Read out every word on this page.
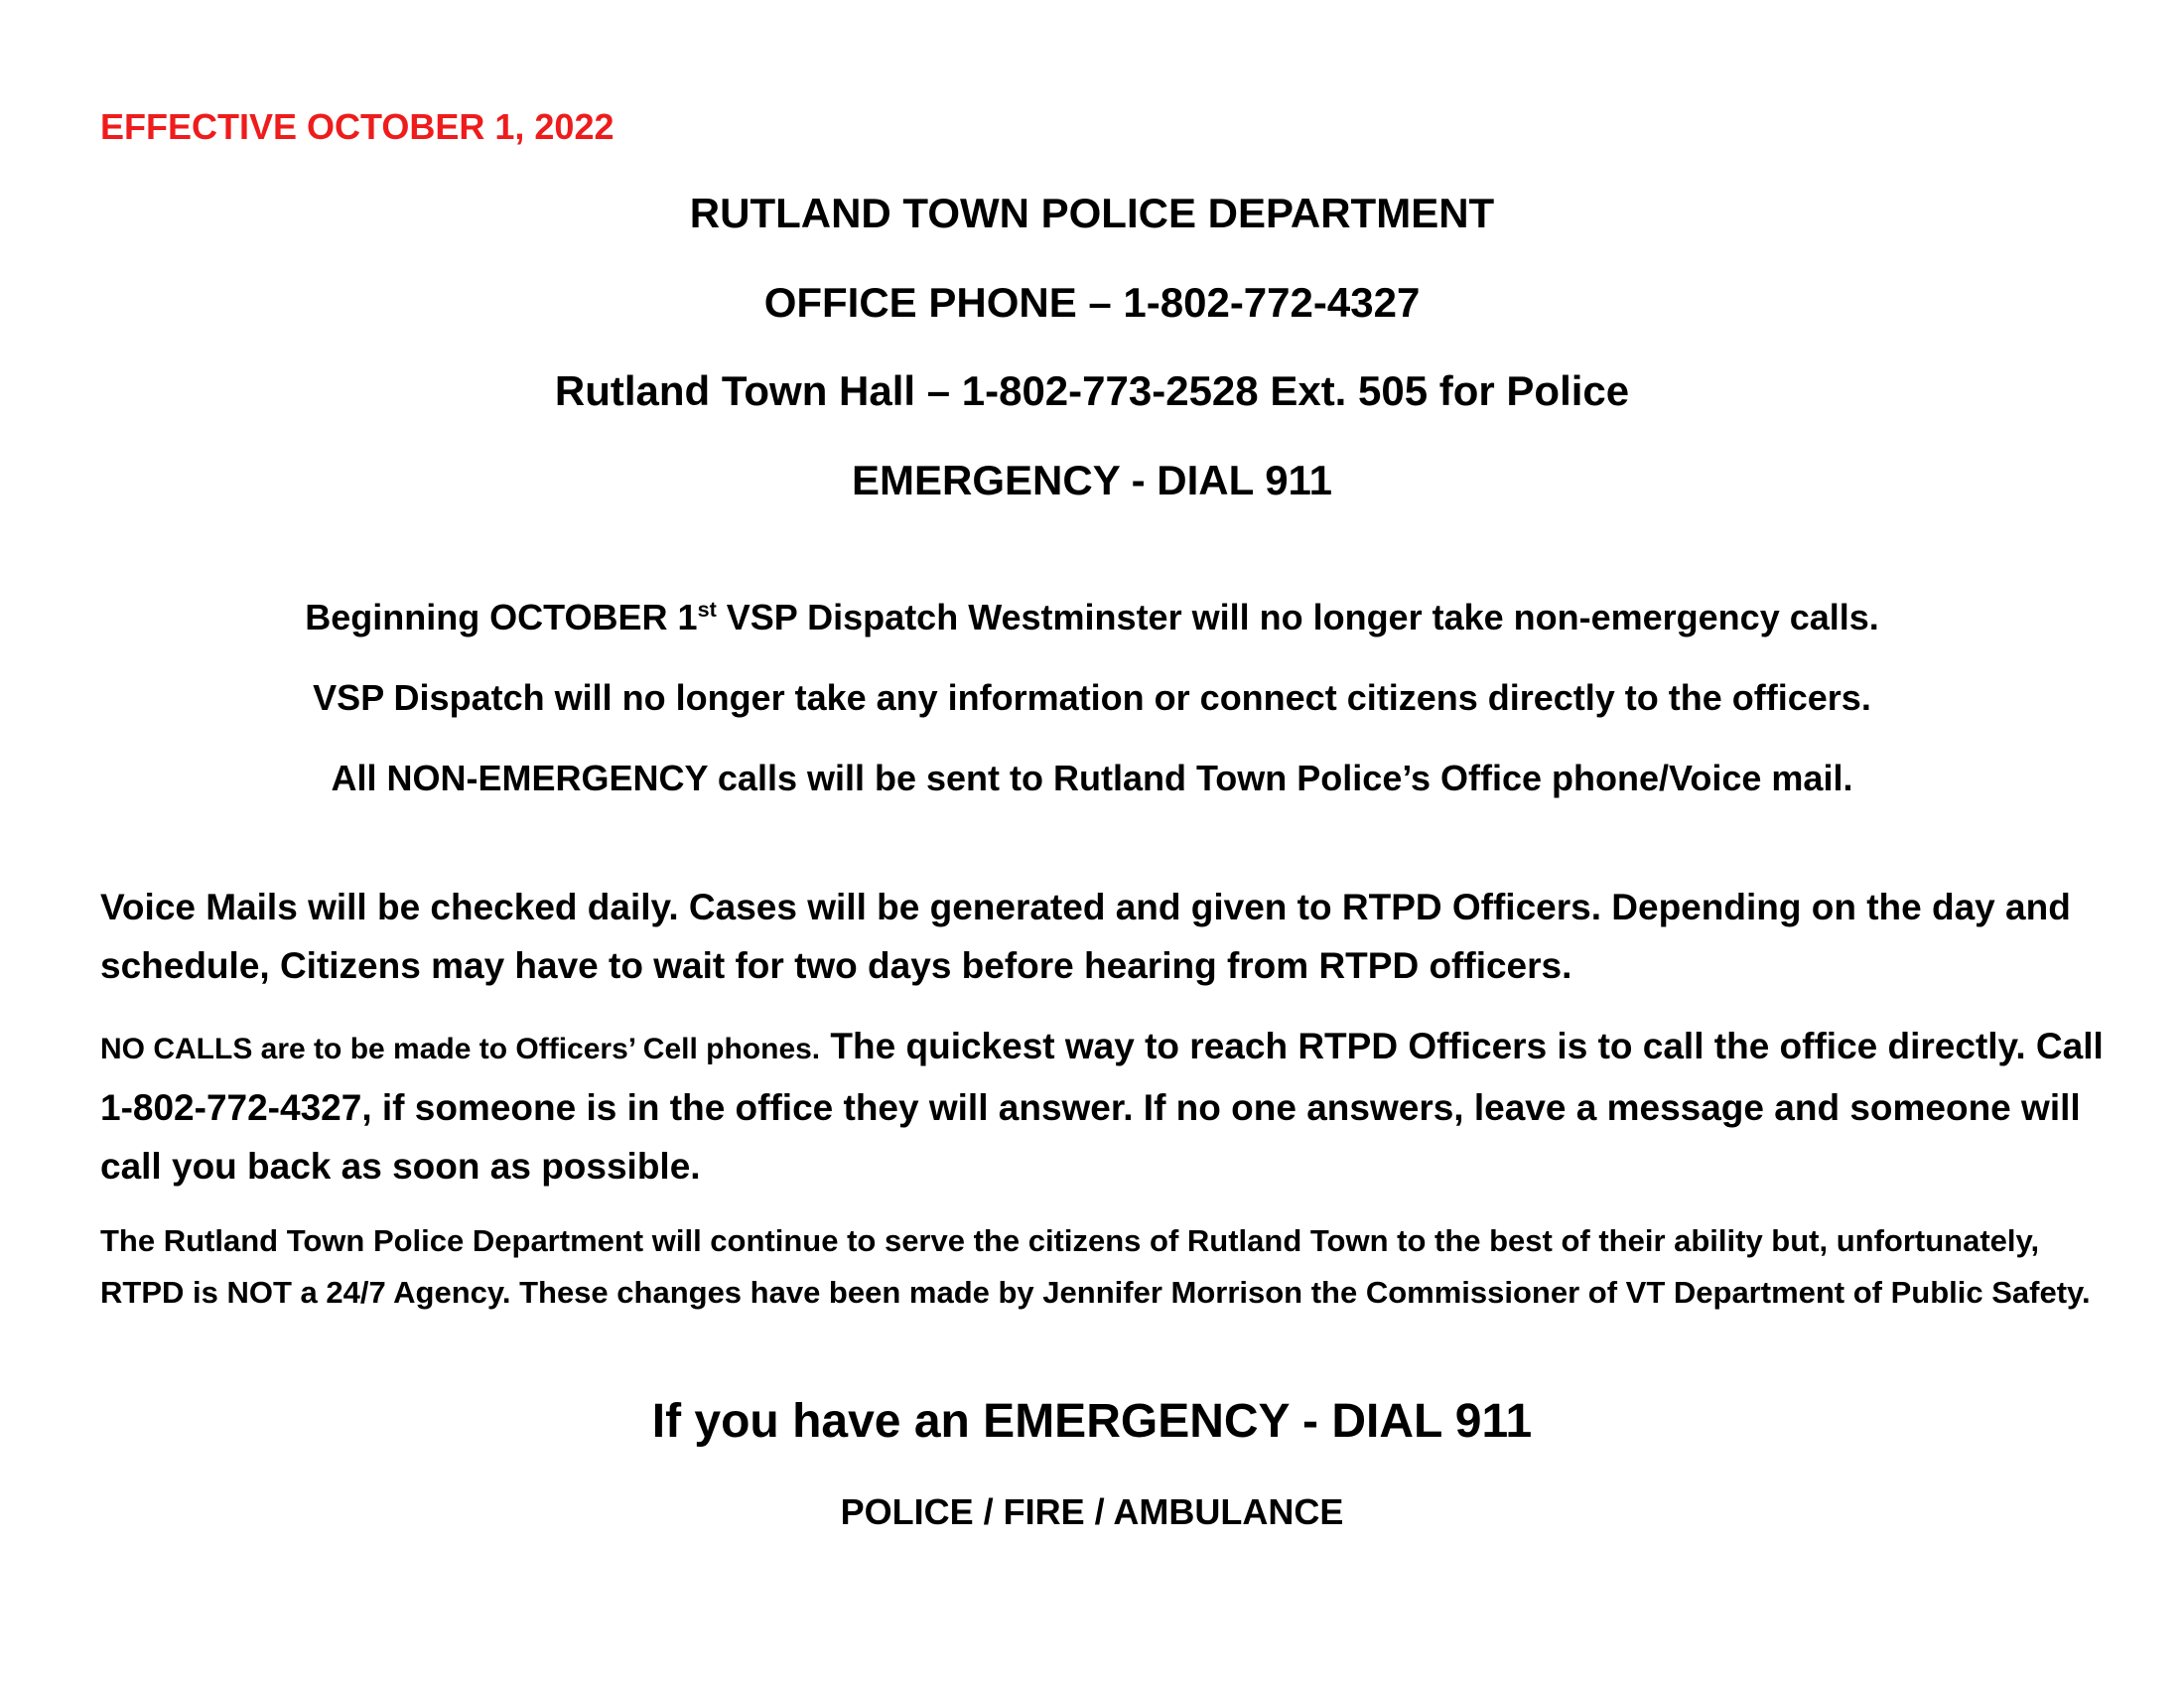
EFFECTIVE OCTOBER 1, 2022
RUTLAND TOWN POLICE DEPARTMENT
OFFICE PHONE – 1-802-772-4327
Rutland Town Hall – 1-802-773-2528 Ext. 505 for Police
EMERGENCY - DIAL 911
Beginning OCTOBER 1st VSP Dispatch Westminster will no longer take non-emergency calls.
VSP Dispatch will no longer take any information or connect citizens directly to the officers.
All NON-EMERGENCY calls will be sent to Rutland Town Police’s Office phone/Voice mail.
Voice Mails will be checked daily. Cases will be generated and given to RTPD Officers. Depending on the day and schedule, Citizens may have to wait for two days before hearing from RTPD officers.
NO CALLS are to be made to Officers’ Cell phones. The quickest way to reach RTPD Officers is to call the office directly. Call 1-802-772-4327, if someone is in the office they will answer. If no one answers, leave a message and someone will call you back as soon as possible.
The Rutland Town Police Department will continue to serve the citizens of Rutland Town to the best of their ability but, unfortunately, RTPD is NOT a 24/7 Agency. These changes have been made by Jennifer Morrison the Commissioner of VT Department of Public Safety.
If you have an EMERGENCY - DIAL 911
POLICE / FIRE / AMBULANCE
